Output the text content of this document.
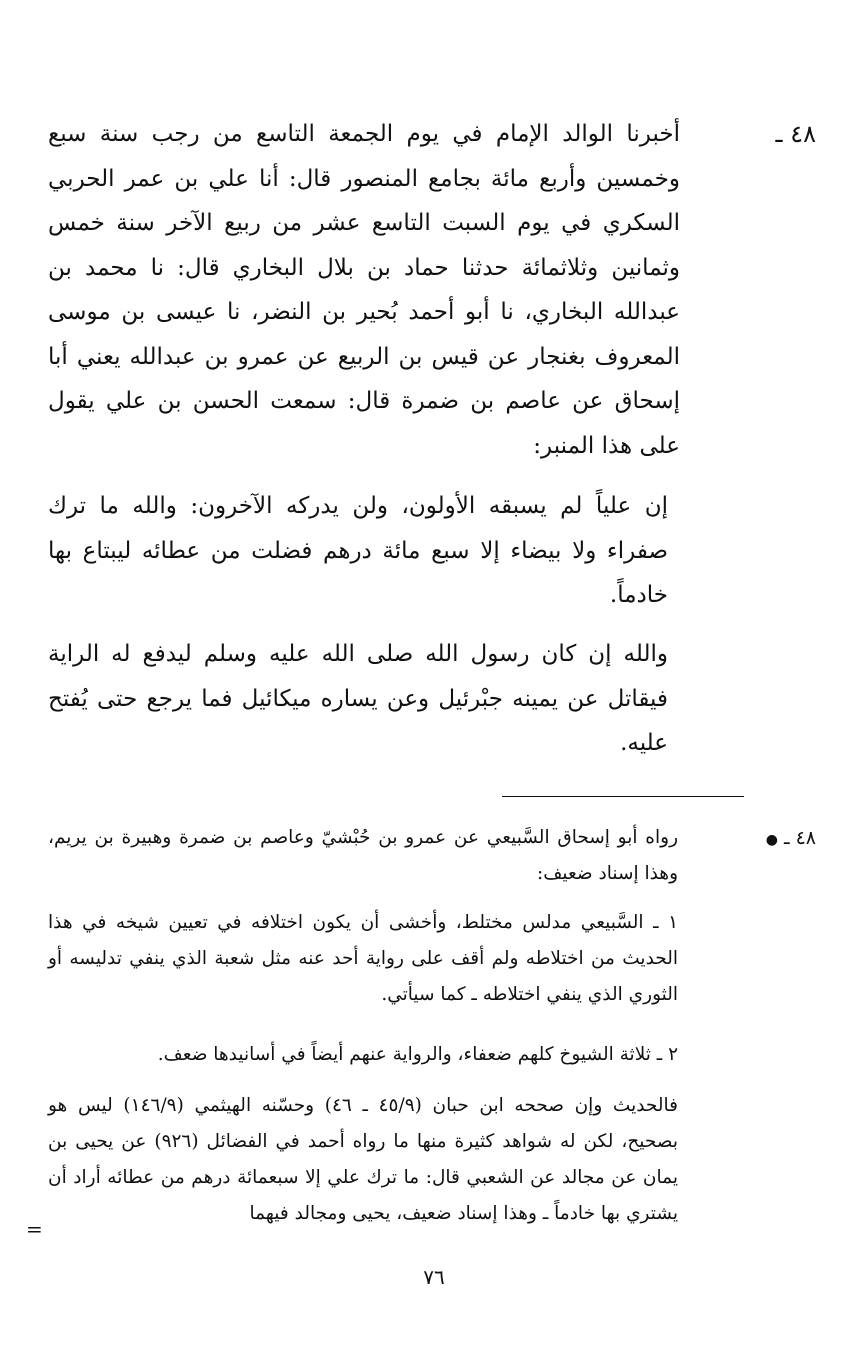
٤٨ ـ
أخبرنا الوالد الإمام في يوم الجمعة التاسع من رجب سنة سبع وخمسين وأربع مائة بجامع المنصور قال: أنا علي بن عمر الحربي السكري في يوم السبت التاسع عشر من ربيع الآخر سنة خمس وثمانين وثلاثمائة حدثنا حماد بن بلال البخاري قال: نا محمد بن عبدالله البخاري، نا أبو أحمد بُحير بن النضر، نا عيسى بن موسى المعروف بغنجار عن قيس بن الربيع عن عمرو بن عبدالله يعني أبا إسحاق عن عاصم بن ضمرة قال: سمعت الحسن بن علي يقول على هذا المنبر:
إن علياً لم يسبقه الأولون، ولن يدركه الآخرون: والله ما ترك صفراء ولا بيضاء إلا سبع مائة درهم فضلت من عطائه ليبتاع بها خادماً.
والله إن كان رسول الله صلى الله عليه وسلم ليدفع له الراية فيقاتل عن يمينه جبْرئيل وعن يساره ميكائيل فما يرجع حتى يُفتح عليه.
٤٨ ـ ●
رواه أبو إسحاق السَّبيعي عن عمرو بن حُبْشيّ وعاصم بن ضمرة وهبيرة بن يريم، وهذا إسناد ضعيف:
١ ـ السَّبيعي مدلس مختلط، وأخشى أن يكون اختلافه في تعيين شيخه في هذا الحديث من اختلاطه ولم أقف على رواية أحد عنه مثل شعبة الذي ينفي تدليسه أو الثوري الذي ينفي اختلاطه ـ كما سيأتي.
٢ ـ ثلاثة الشيوخ كلهم ضعفاء، والرواية عنهم أيضاً في أسانيدها ضعف.
فالحديث وإن صححه ابن حبان (٤٥/٩ ـ ٤٦) وحسّنه الهيثمي (١٤٦/٩) ليس هو بصحيح، لكن له شواهد كثيرة منها ما رواه أحمد في الفضائل (٩٢٦) عن يحيى بن يمان عن مجالد عن الشعبي قال: ما ترك علي إلا سبعمائة درهم من عطائه أراد أن يشتري بها خادماً ـ وهذا إسناد ضعيف، يحيى ومجالد فيهما
=
٧٦
